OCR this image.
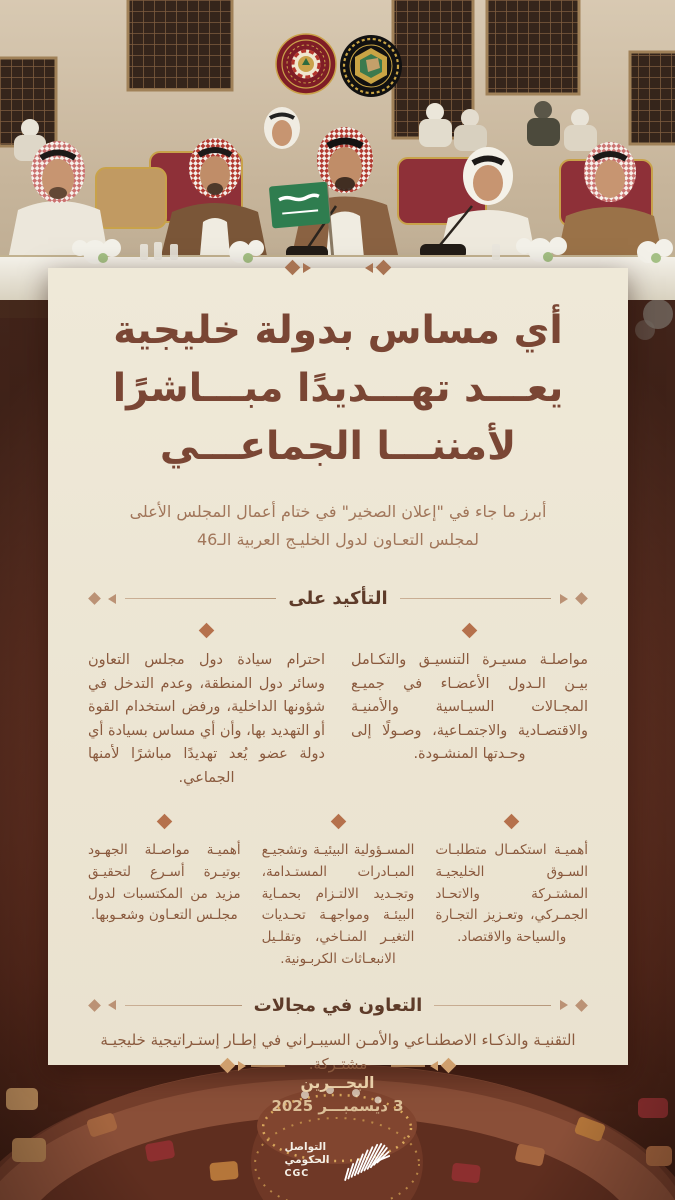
أي مساس بدولة خليجية
يعـــد تهـــديدًا مبـــاشرًا
لأمننـــا الجماعـــي

أبرز ما جاء في "إعلان الصخير" في ختام أعمال المجلس الأعلى لمجلس التعـاون لدول الخليـج العربية الـ46

التأكيد على

مواصلـة مسيـرة التنسيـق والتكـامل بيـن الـدول الأعضـاء في جميـع المجـالات السيـاسية والأمنيـة والاقتصـادية والاجتمـاعية، وصـولًا إلى وحـدتها المنشـودة.

احترام سيادة دول مجلس التعاون وسائر دول المنطقة، وعدم التدخل في شؤونها الداخلية، ورفض استخدام القوة أو التهديد بها، وأن أي مساس بسيادة أي دولة عضو يُعد تهديدًا مباشرًا لأمنها الجماعي.

أهميـة استكمـال متطلبـات السـوق الخليجيـة المشتـركة والاتحـاد الجمـركي، وتعـزيز التجـارة والسياحة والاقتصاد.

المسـؤولية البيئيـة وتشجيـع المبـادرات المستـدامة، وتجـديد الالتـزام بحمـاية البيئـة ومواجهـة تحـديات التغيـر المنـاخي، وتقلـيل الانبعـاثات الكربـونية.

أهميـة مواصـلة الجهـود بوتيـرة أسـرع لتحقيـق مزيد من المكتسبات لدول مجلـس التعـاون وشعـوبها.

التعاون في مجالات

التقنيـة والذكـاء الاصطنـاعي والأمـن السيبـراني في إطـار إستـراتيجية خليجيـة مشتـركة.

البحـــرين
3 ديسمبـــر 2025
التواصل
الحكومي
CGC
